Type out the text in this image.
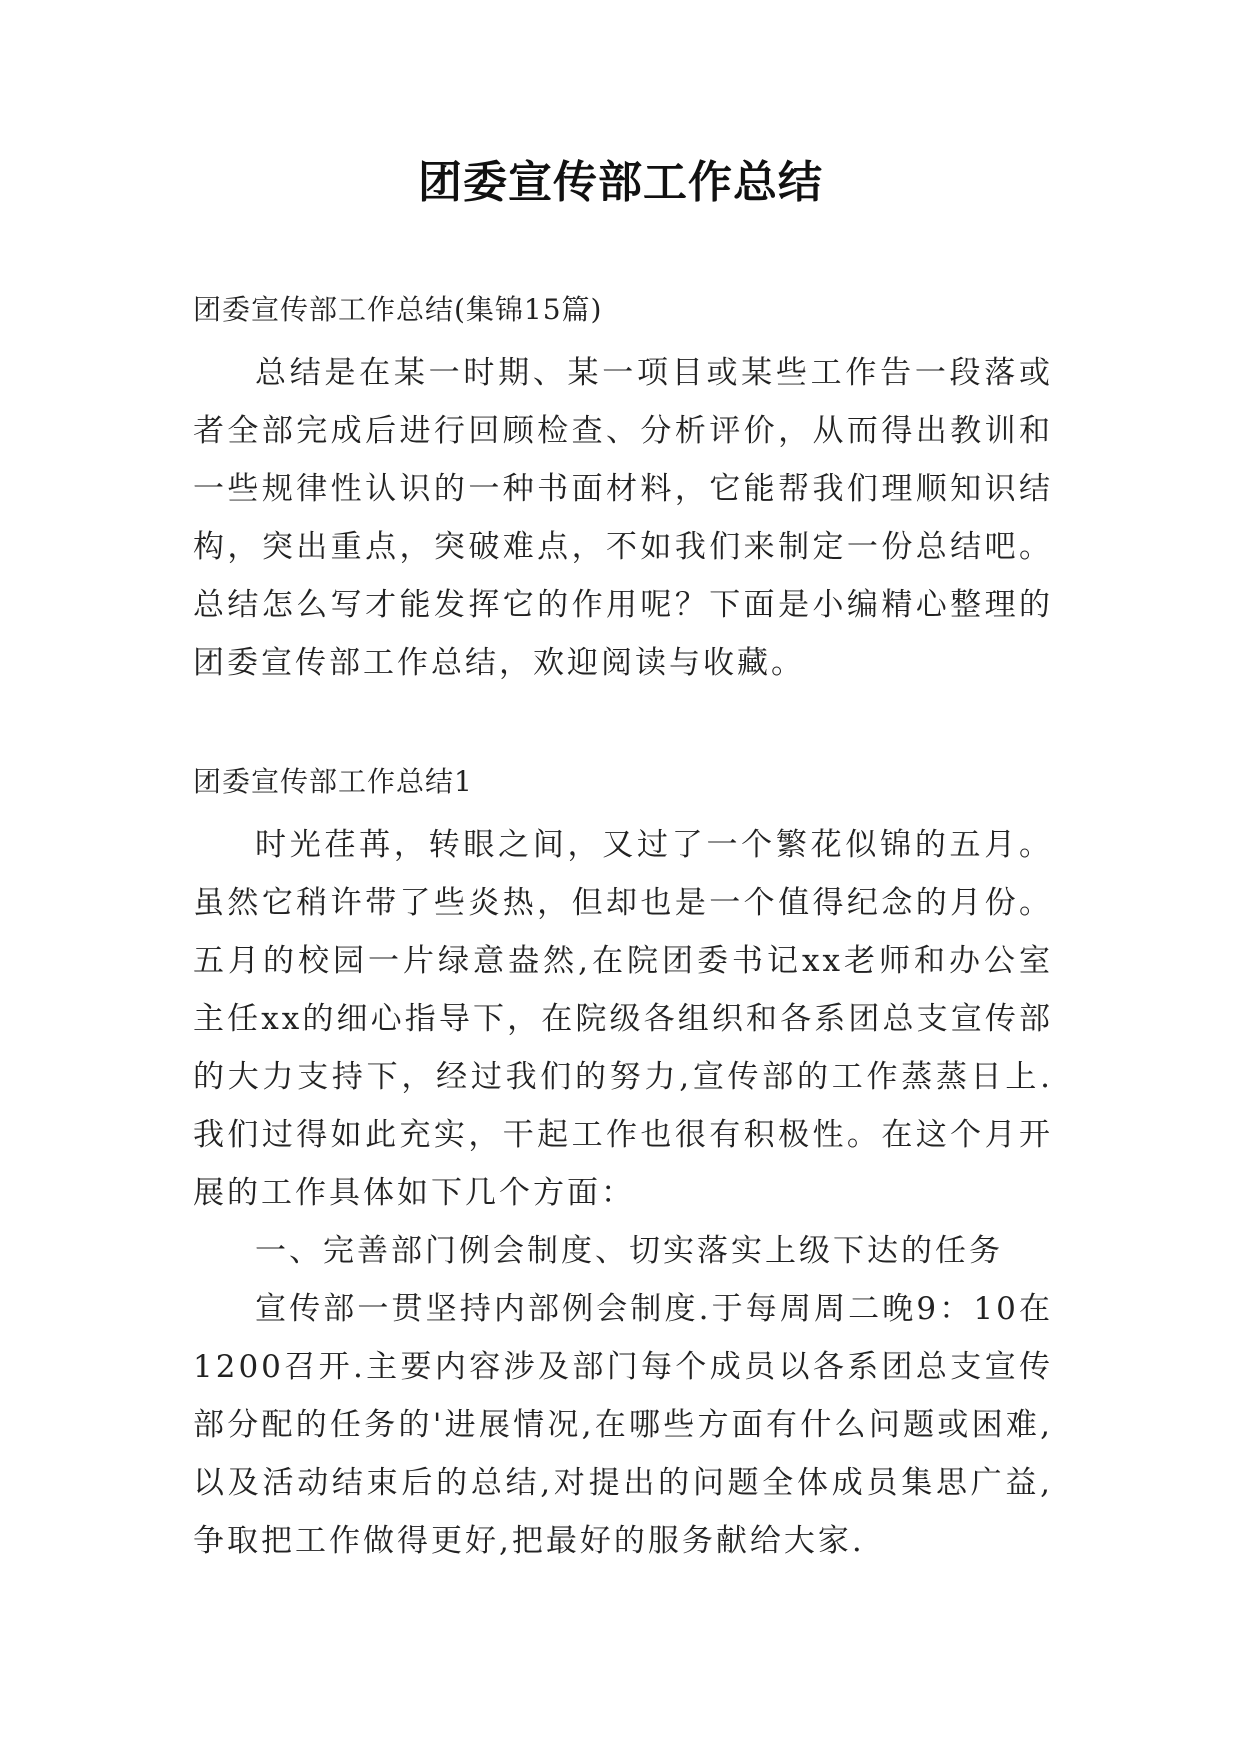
团委宣传部工作总结

团委宣传部工作总结(集锦15篇)

总结是在某一时期、某一项目或某些工作告一段落或者全部完成后进行回顾检查、分析评价，从而得出教训和一些规律性认识的一种书面材料，它能帮我们理顺知识结构，突出重点，突破难点，不如我们来制定一份总结吧。总结怎么写才能发挥它的作用呢？下面是小编精心整理的团委宣传部工作总结，欢迎阅读与收藏。

团委宣传部工作总结1

时光荏苒，转眼之间，又过了一个繁花似锦的五月。虽然它稍许带了些炎热，但却也是一个值得纪念的月份。五月的校园一片绿意盎然,在院团委书记xx老师和办公室主任xx的细心指导下，在院级各组织和各系团总支宣传部的大力支持下，经过我们的努力,宣传部的工作蒸蒸日上.我们过得如此充实，干起工作也很有积极性。在这个月开展的工作具体如下几个方面：

一、完善部门例会制度、切实落实上级下达的任务

宣传部一贯坚持内部例会制度.于每周周二晚9：10在1200召开.主要内容涉及部门每个成员以各系团总支宣传部分配的任务的'进展情况,在哪些方面有什么问题或困难,以及活动结束后的总结,对提出的问题全体成员集思广益,争取把工作做得更好,把最好的服务献给大家.
